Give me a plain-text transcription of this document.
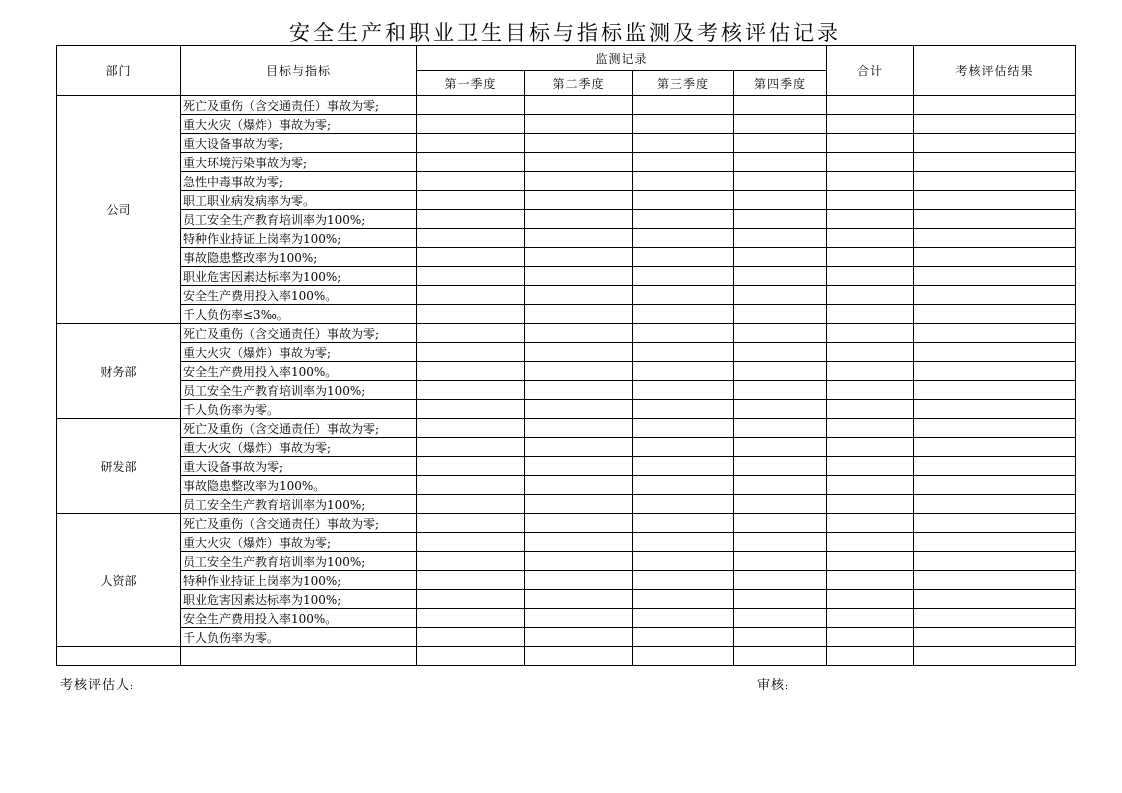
安全生产和职业卫生目标与指标监测及考核评估记录
部门	目标与指标	监测记录				合计	考核评估结果
		第一季度	第二季度	第三季度	第四季度		
公司	死亡及重伤（含交通责任）事故为零;						
	重大火灾（爆炸）事故为零;						
	重大设备事故为零;						
	重大环境污染事故为零;						
	急性中毒事故为零;						
	职工职业病发病率为零。						
	员工安全生产教育培训率为100%;						
	特种作业持证上岗率为100%;						
	事故隐患整改率为100%;						
	职业危害因素达标率为100%;						
	安全生产费用投入率100%。						
	千人负伤率≤3‰。						
财务部	死亡及重伤（含交通责任）事故为零;						
	重大火灾（爆炸）事故为零;						
	安全生产费用投入率100%。						
	员工安全生产教育培训率为100%;						
	千人负伤率为零。						
研发部	死亡及重伤（含交通责任）事故为零;						
	重大火灾（爆炸）事故为零;						
	重大设备事故为零;						
	事故隐患整改率为100%。						
	员工安全生产教育培训率为100%;						
人资部	死亡及重伤（含交通责任）事故为零;						
	重大火灾（爆炸）事故为零;						
	员工安全生产教育培训率为100%;						
	特种作业持证上岗率为100%;						
	职业危害因素达标率为100%;						
	安全生产费用投入率100%。						
	千人负伤率为零。						

考核评估人:	审核:
